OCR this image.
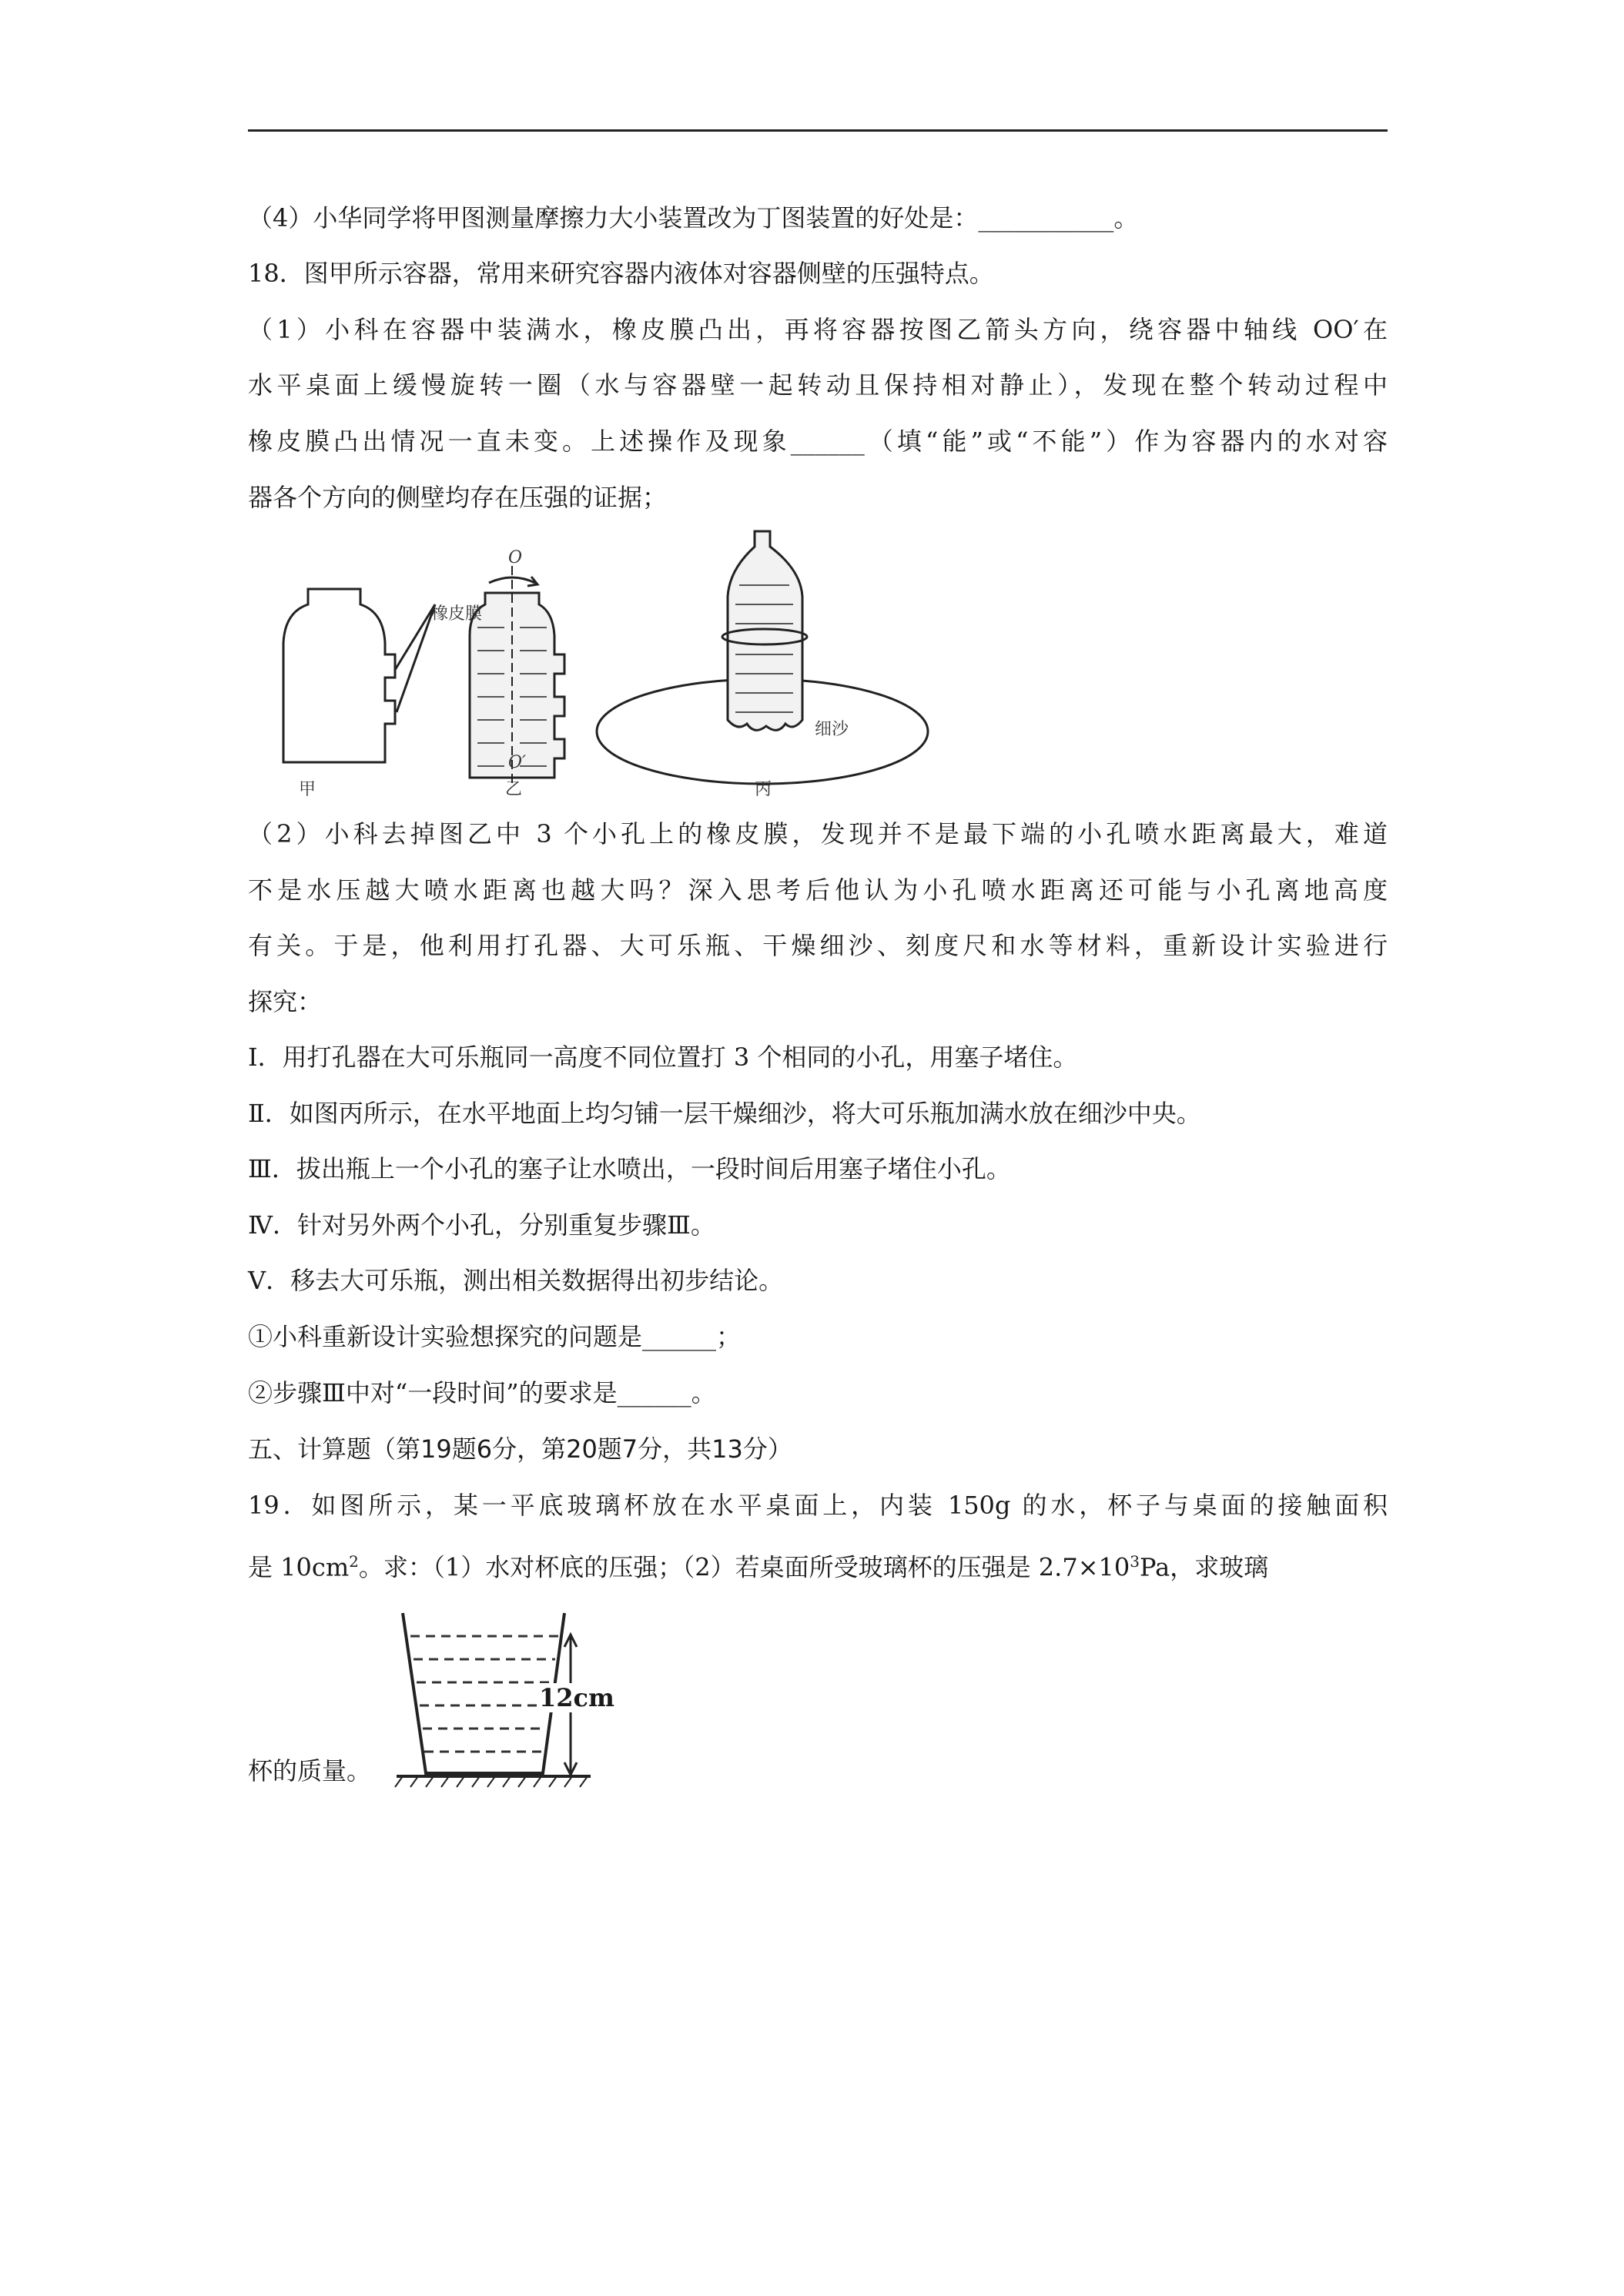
（4）小华同学将甲图测量摩擦力大小装置改为丁图装置的好处是：___________。
18．图甲所示容器，常用来研究容器内液体对容器侧壁的压强特点。
（1）小科在容器中装满水，橡皮膜凸出，再将容器按图乙箭头方向，绕容器中轴线 OO′在
水平桌面上缓慢旋转一圈（水与容器壁一起转动且保持相对静止），发现在整个转动过程中
橡皮膜凸出情况一直未变。上述操作及现象______（填“能”或“不能”）作为容器内的水对容
器各个方向的侧壁均存在压强的证据；
橡皮膜
O
O′
细沙
甲	乙	丙
（2）小科去掉图乙中 3 个小孔上的橡皮膜，发现并不是最下端的小孔喷水距离最大，难道
不是水压越大喷水距离也越大吗？深入思考后他认为小孔喷水距离还可能与小孔离地高度
有关。于是，他利用打孔器、大可乐瓶、干燥细沙、刻度尺和水等材料，重新设计实验进行
探究：
I．用打孔器在大可乐瓶同一高度不同位置打 3 个相同的小孔，用塞子堵住。
Ⅱ．如图丙所示，在水平地面上均匀铺一层干燥细沙，将大可乐瓶加满水放在细沙中央。
Ⅲ．拔出瓶上一个小孔的塞子让水喷出，一段时间后用塞子堵住小孔。
Ⅳ．针对另外两个小孔，分别重复步骤Ⅲ。
V．移去大可乐瓶，测出相关数据得出初步结论。
①小科重新设计实验想探究的问题是______；
②步骤Ⅲ中对“一段时间”的要求是______。
五、计算题（第19题6分，第20题7分，共13分）
19．如图所示，某一平底玻璃杯放在水平桌面上，内装 150g 的水，杯子与桌面的接触面积
是 $10cm^2$。求：（1）水对杯底的压强；（2）若桌面所受玻璃杯的压强是 $2.7\times 10^3Pa$，求玻璃
12cm
杯的质量。
